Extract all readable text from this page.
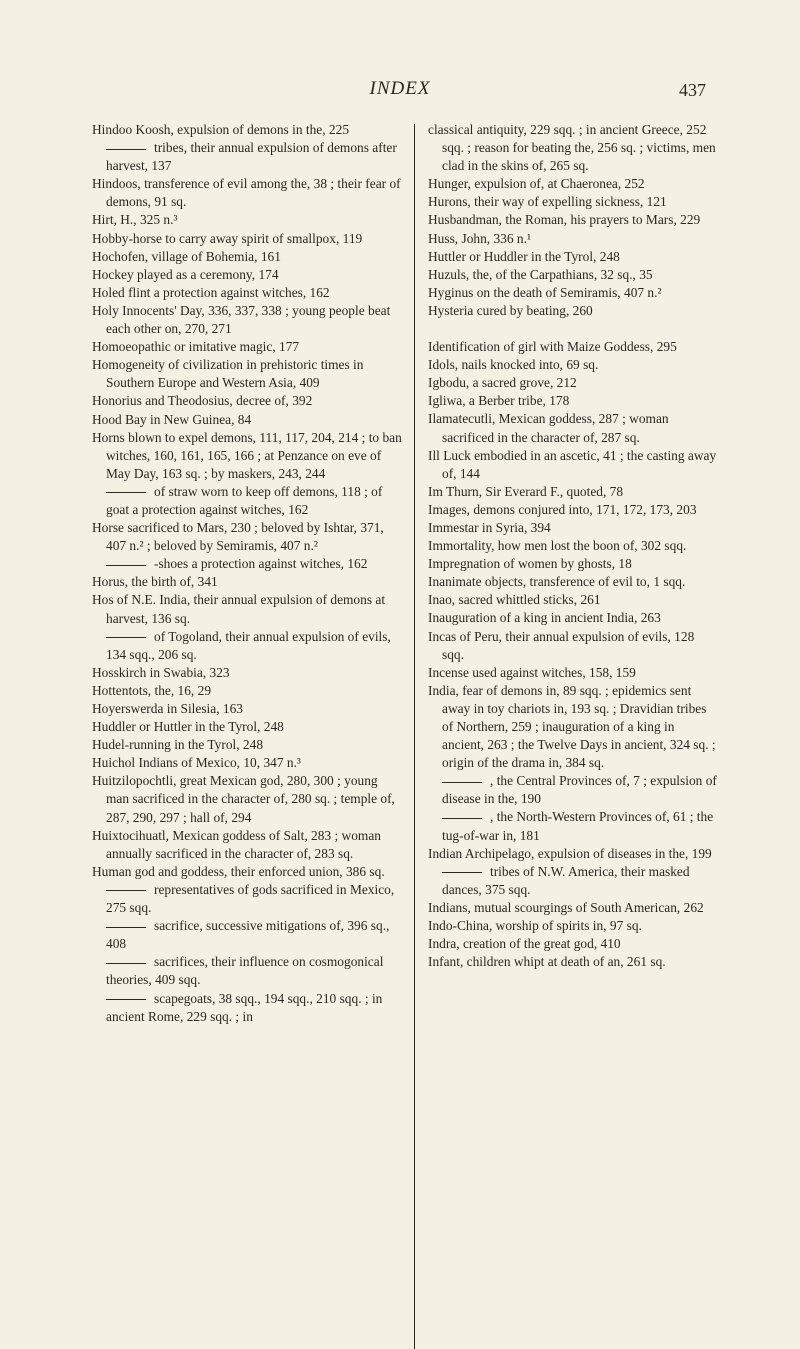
INDEX	437

Hindoo Koosh, expulsion of demons in the, 225

tribes, their annual expulsion of demons after harvest, 137

Hindoos, transference of evil among the, 38 ; their fear of demons, 91 sq.

Hirt, H., 325 n.³

Hobby-horse to carry away spirit of smallpox, 119

Hochofen, village of Bohemia, 161

Hockey played as a ceremony, 174

Holed flint a protection against witches, 162

Holy Innocents' Day, 336, 337, 338 ; young people beat each other on, 270, 271

Homoeopathic or imitative magic, 177

Homogeneity of civilization in prehistoric times in Southern Europe and Western Asia, 409

Honorius and Theodosius, decree of, 392

Hood Bay in New Guinea, 84

Horns blown to expel demons, 111, 117, 204, 214 ; to ban witches, 160, 161, 165, 166 ; at Penzance on eve of May Day, 163 sq. ; by maskers, 243, 244

of straw worn to keep off demons, 118 ; of goat a protection against witches, 162

Horse sacrificed to Mars, 230 ; beloved by Ishtar, 371, 407 n.² ; beloved by Semiramis, 407 n.²

-shoes a protection against witches, 162

Horus, the birth of, 341

Hos of N.E. India, their annual expulsion of demons at harvest, 136 sq.

of Togoland, their annual expulsion of evils, 134 sqq., 206 sq.

Hosskirch in Swabia, 323

Hottentots, the, 16, 29

Hoyerswerda in Silesia, 163

Huddler or Huttler in the Tyrol, 248

Hudel-running in the Tyrol, 248

Huichol Indians of Mexico, 10, 347 n.³

Huitzilopochtli, great Mexican god, 280, 300 ; young man sacrificed in the character of, 280 sq. ; temple of, 287, 290, 297 ; hall of, 294

Huixtocihuatl, Mexican goddess of Salt, 283 ; woman annually sacrificed in the character of, 283 sq.

Human god and goddess, their enforced union, 386 sq.

representatives of gods sacrificed in Mexico, 275 sqq.

sacrifice, successive mitigations of, 396 sq., 408

sacrifices, their influence on cosmogonical theories, 409 sqq.

scapegoats, 38 sqq., 194 sqq., 210 sqq. ; in ancient Rome, 229 sqq. ; in

classical antiquity, 229 sqq. ; in ancient Greece, 252 sqq. ; reason for beating the, 256 sq. ; victims, men clad in the skins of, 265 sq.

Hunger, expulsion of, at Chaeronea, 252

Hurons, their way of expelling sickness, 121

Husbandman, the Roman, his prayers to Mars, 229

Huss, John, 336 n.¹

Huttler or Huddler in the Tyrol, 248

Huzuls, the, of the Carpathians, 32 sq., 35

Hyginus on the death of Semiramis, 407 n.²

Hysteria cured by beating, 260

Identification of girl with Maize Goddess, 295

Idols, nails knocked into, 69 sq.

Igbodu, a sacred grove, 212

Igliwa, a Berber tribe, 178

Ilamatecutli, Mexican goddess, 287 ; woman sacrificed in the character of, 287 sq.

Ill Luck embodied in an ascetic, 41 ; the casting away of, 144

Im Thurn, Sir Everard F., quoted, 78

Images, demons conjured into, 171, 172, 173, 203

Immestar in Syria, 394

Immortality, how men lost the boon of, 302 sqq.

Impregnation of women by ghosts, 18

Inanimate objects, transference of evil to, 1 sqq.

Inao, sacred whittled sticks, 261

Inauguration of a king in ancient India, 263

Incas of Peru, their annual expulsion of evils, 128 sqq.

Incense used against witches, 158, 159

India, fear of demons in, 89 sqq. ; epidemics sent away in toy chariots in, 193 sq. ; Dravidian tribes of Northern, 259 ; inauguration of a king in ancient, 263 ; the Twelve Days in ancient, 324 sq. ; origin of the drama in, 384 sq.

, the Central Provinces of, 7 ; expulsion of disease in the, 190

, the North-Western Provinces of, 61 ; the tug-of-war in, 181

Indian Archipelago, expulsion of diseases in the, 199

tribes of N.W. America, their masked dances, 375 sqq.

Indians, mutual scourgings of South American, 262

Indo-China, worship of spirits in, 97 sq.

Indra, creation of the great god, 410

Infant, children whipt at death of an, 261 sq.
